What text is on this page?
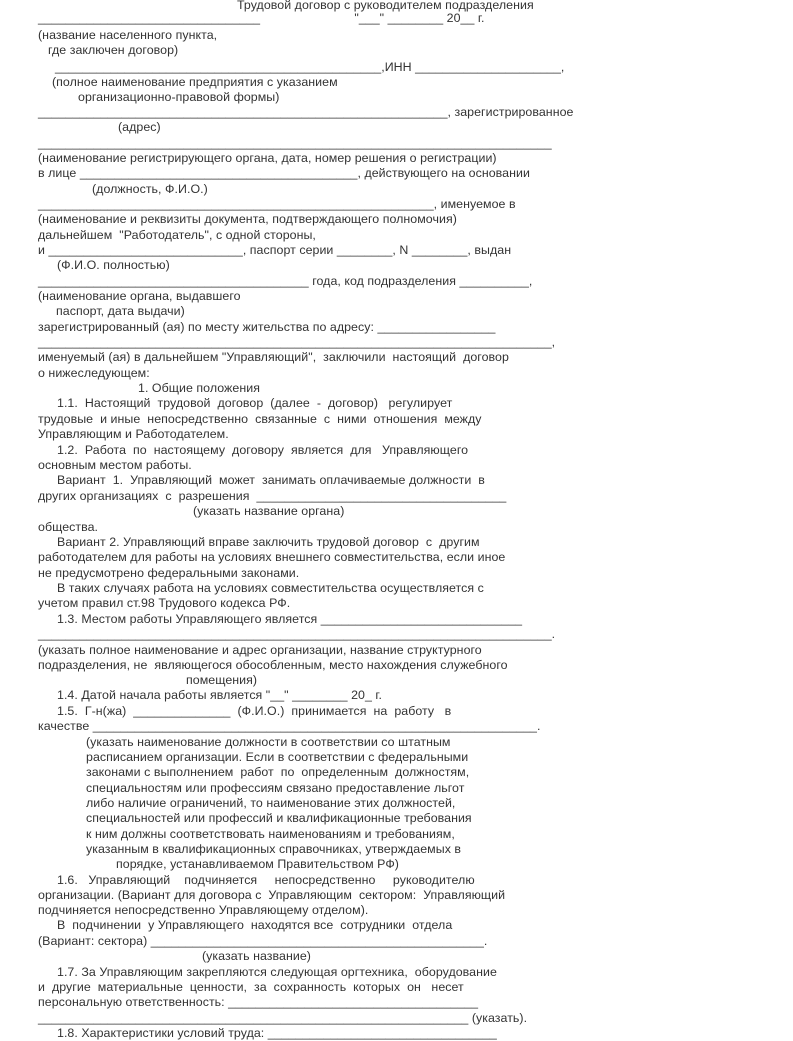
Трудовой договор с руководителем подразделения
________________________________                           "___" ________ 20__ г.
(название населенного пункта,
где заключен договор)
_______________________________________________,ИНН _____________________,
(полное наименование предприятия с указанием
организационно-правовой формы)
___________________________________________________________, зарегистрированное
(адрес)
__________________________________________________________________________
(наименование регистрирующего органа, дата, номер решения о регистрации)
в лице ________________________________________, действующего на основании
(должность, Ф.И.О.)
_________________________________________________________, именуемое в
(наименование и реквизиты документа, подтверждающего полномочия)
дальнейшем  "Работодатель", с одной стороны,
и ____________________________, паспорт серии ________, N ________, выдан
(Ф.И.О. полностью)
_______________________________________ года, код подразделения __________,
(наименование органа, выдавшего
паспорт, дата выдачи)
зарегистрированный (ая) по месту жительства по адресу: _________________
__________________________________________________________________________,
именуемый (ая) в дальнейшем "Управляющий",  заключили  настоящий  договор
о нижеследующем:
1. Общие положения
1.1.  Настоящий  трудовой  договор  (далее  -  договор)   регулирует
трудовые  и иные  непосредственно  связанные  с  ними  отношения  между
Управляющим и Работодателем.
1.2.  Работа  по  настоящему  договору  является  для   Управляющего
основным местом работы.
Вариант  1.  Управляющий  может  занимать оплачиваемые должности  в
других организациях  с  разрешения  ____________________________________
(указать название органа)
общества.
Вариант 2. Управляющий вправе заключить трудовой договор  с  другим
работодателем для работы на условиях внешнего совместительства, если иное
не предусмотрено федеральными законами.
В таких случаях работа на условиях совместительства осуществляется с
учетом правил ст.98 Трудового кодекса РФ.
1.3. Местом работы Управляющего является _____________________________
__________________________________________________________________________.
(указать полное наименование и адрес организации, название структурного
подразделения, не  являющегося обособленным, место нахождения служебного
помещения)
1.4. Датой начала работы является "__" ________ 20_ г.
1.5.  Г-н(жа)  ______________  (Ф.И.О.)  принимается  на  работу   в
качестве ________________________________________________________________.
(указать наименование должности в соответствии со штатным
расписанием организации. Если в соответствии с федеральными
законами с выполнением  работ  по  определенным  должностям,
специальностям или профессиям связано предоставление льгот
либо наличие ограничений, то наименование этих должностей,
специальностей или профессий и квалификационные требования
к ним должны соответствовать наименованиям и требованиям,
указанным в квалификационных справочниках, утверждаемых в
порядке, устанавливаемом Правительством РФ)
1.6.   Управляющий    подчиняется     непосредственно     руководителю
организации. (Вариант для договора с  Управляющим  сектором:  Управляющий
подчиняется непосредственно Управляющему отделом).
В  подчинении  у Управляющего  находятся все  сотрудники  отдела
(Вариант: сектора) ________________________________________________.
(указать название)
1.7. За Управляющим закрепляются следующая оргтехника,  оборудование
и  другие  материальные  ценности,  за  сохранность  которых  он   несет
персональную ответственность: ____________________________________
______________________________________________________________ (указать).
1.8. Характеристики условий труда: _________________________________
